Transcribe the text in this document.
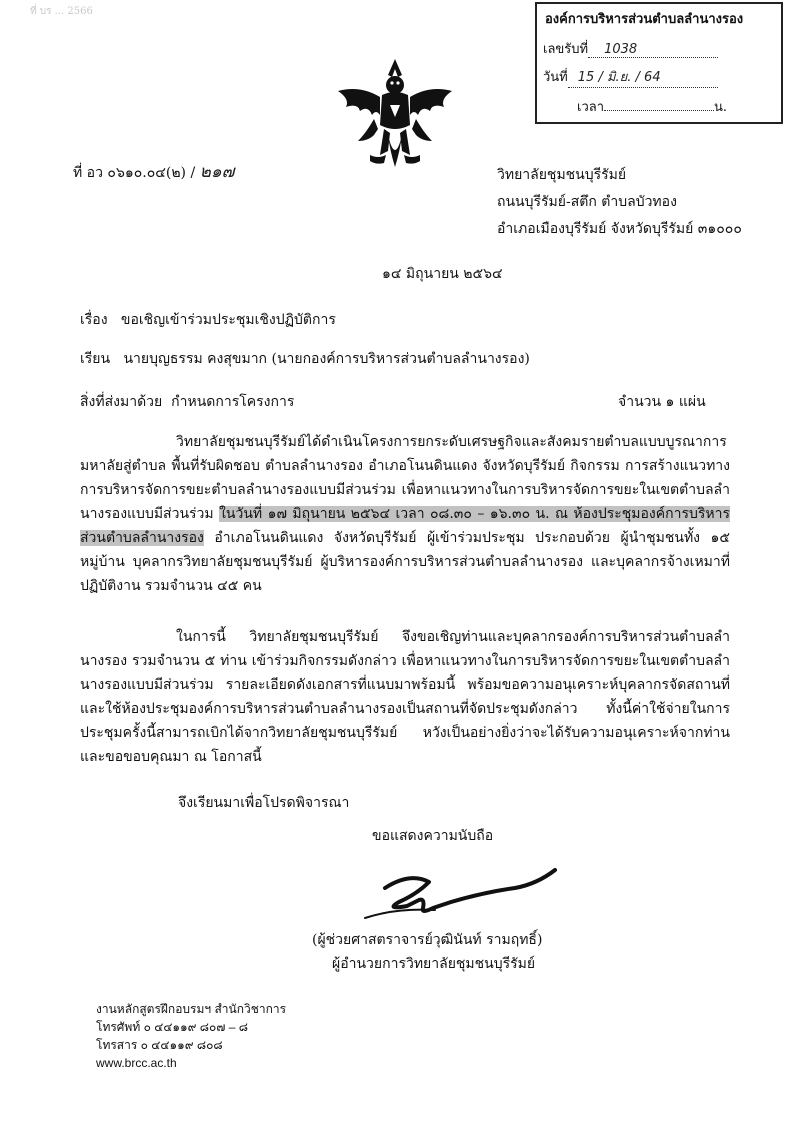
ที่ บร ... 2566
องค์การบริหารส่วนตำบลลำนางรอง
เลขรับที่ 1038
วันที่ 15 / มิ.ย. / 64
เวลา	น.
ที่ อว ๐๖๑๐.๐๔(๒) / ๒๑๗	วิทยาลัยชุมชนบุรีรัมย์
ถนนบุรีรัมย์-สตึก ตำบลบัวทอง
อำเภอเมืองบุรีรัมย์ จังหวัดบุรีรัมย์ ๓๑๐๐๐
๑๔ มิถุนายน ๒๕๖๔
เรื่อง ขอเชิญเข้าร่วมประชุมเชิงปฏิบัติการ
เรียน นายบุญธรรม คงสุขมาก (นายกองค์การบริหารส่วนตำบลลำนางรอง)
สิ่งที่ส่งมาด้วย กำหนดการโครงการ	จำนวน ๑ แผ่น
วิทยาลัยชุมชนบุรีรัมย์ได้ดำเนินโครงการยกระดับเศรษฐกิจและสังคมรายตำบลแบบบูรณาการ มหาลัยสู่ตำบล พื้นที่รับผิดชอบ ตำบลลำนางรอง อำเภอโนนดินแดง จังหวัดบุรีรัมย์ กิจกรรม การสร้างแนวทางการบริหารจัดการขยะตำบลลำนางรองแบบมีส่วนร่วม เพื่อหาแนวทางในการบริหารจัดการขยะในเขตตำบลลำนางรองแบบมีส่วนร่วม ในวันที่ ๑๗ มิถุนายน ๒๕๖๔ เวลา ๐๘.๓๐ – ๑๖.๓๐ น. ณ ห้องประชุมองค์การบริหารส่วนตำบลลำนางรอง อำเภอโนนดินแดง จังหวัดบุรีรัมย์ ผู้เข้าร่วมประชุม ประกอบด้วย ผู้นำชุมชนทั้ง ๑๕ หมู่บ้าน บุคลากรวิทยาลัยชุมชนบุรีรัมย์ ผู้บริหารองค์การบริหารส่วนตำบลลำนางรอง และบุคลากรจ้างเหมาที่ปฏิบัติงาน รวมจำนวน ๔๕ คน
ในการนี้ วิทยาลัยชุมชนบุรีรัมย์ จึงขอเชิญท่านและบุคลากรองค์การบริหารส่วนตำบลลำนางรอง รวมจำนวน ๕ ท่าน เข้าร่วมกิจกรรมดังกล่าว เพื่อหาแนวทางในการบริหารจัดการขยะในเขตตำบลลำนางรองแบบมีส่วนร่วม รายละเอียดดังเอกสารที่แนบมาพร้อมนี้ พร้อมขอความอนุเคราะห์บุคลากรจัดสถานที่และใช้ห้องประชุมองค์การบริหารส่วนตำบลลำนางรองเป็นสถานที่จัดประชุมดังกล่าว ทั้งนี้ค่าใช้จ่ายในการประชุมครั้งนี้สามารถเบิกได้จากวิทยาลัยชุมชนบุรีรัมย์ หวังเป็นอย่างยิ่งว่าจะได้รับความอนุเคราะห์จากท่าน และขอขอบคุณมา ณ โอกาสนี้
จึงเรียนมาเพื่อโปรดพิจารณา
ขอแสดงความนับถือ
(ผู้ช่วยศาสตราจารย์วุฒินันท์ รามฤทธิ์)
ผู้อำนวยการวิทยาลัยชุมชนบุรีรัมย์
งานหลักสูตรฝึกอบรมฯ สำนักวิชาการ
โทรศัพท์ ๐ ๔๔๑๑๙ ๘๐๗ – ๘
โทรสาร ๐ ๔๔๑๑๙ ๘๐๘
www.brcc.ac.th
